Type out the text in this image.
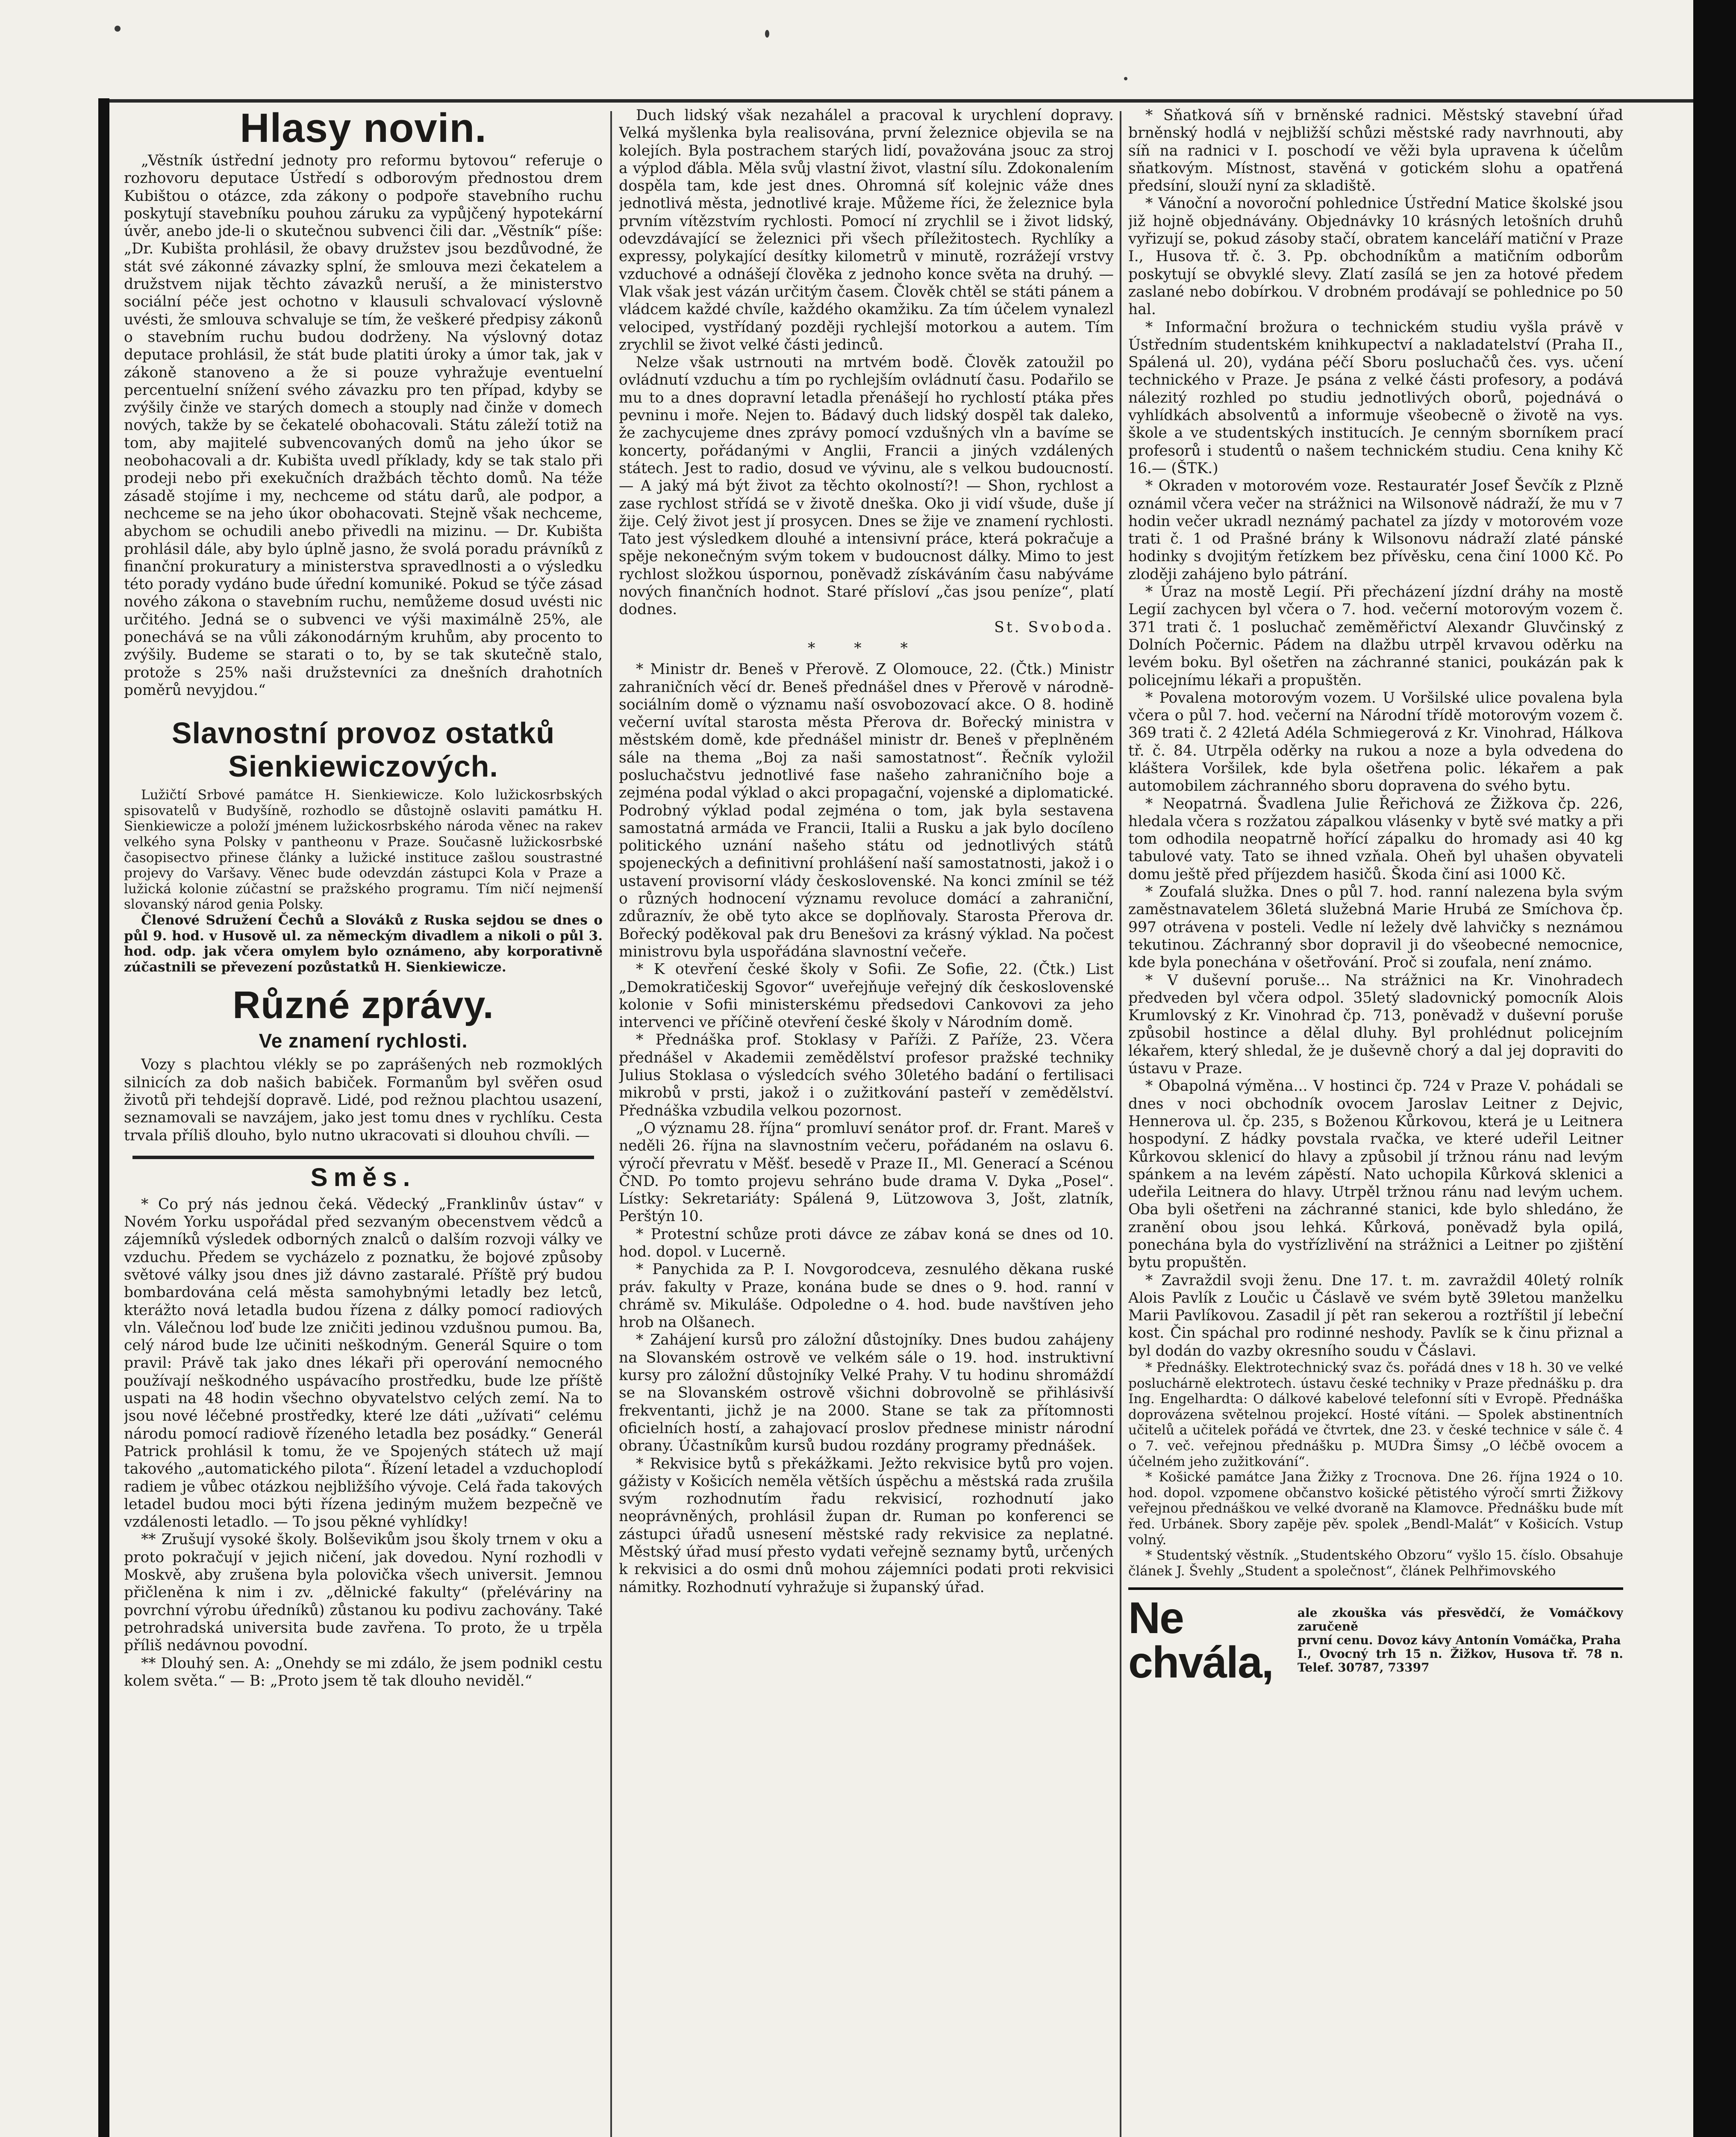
Hlasy novin.

„Věstník ústřední jednoty pro reformu bytovou“ referuje o rozhovoru deputace Ústředí s odborovým přednostou drem Kubištou o otázce, zda zákony o podpoře stavebního ruchu poskytují stavebníku pouhou záruku za vypůjčený hypotekární úvěr, anebo jde-li o skutečnou subvenci čili dar. „Věstník“ píše: „Dr. Kubišta prohlásil, že obavy družstev jsou bezdůvodné, že stát své zákonné závazky splní, že smlouva mezi čekatelem a družstvem nijak těchto závazků neruší, a že ministerstvo sociální péče jest ochotno v klausuli schvalovací výslovně uvésti, že smlouva schvaluje se tím, že veškeré předpisy zákonů o stavebním ruchu budou dodrženy. Na výslovný dotaz deputace prohlásil, že stát bude platiti úroky a úmor tak, jak v zákoně stanoveno a že si pouze vyhražuje eventuelní percentuelní snížení svého závazku pro ten případ, kdyby se zvýšily činže ve starých domech a stouply nad činže v domech nových, takže by se čekatelé obohacovali. Státu záleží totiž na tom, aby majitelé subvencovaných domů na jeho úkor se neobohacovali a dr. Kubišta uvedl příklady, kdy se tak stalo při prodeji nebo při exekučních dražbách těchto domů. Na téže zásadě stojíme i my, nechceme od státu darů, ale podpor, a nechceme se na jeho úkor obohacovati. Stejně však nechceme, abychom se ochudili anebo přivedli na mizinu. — Dr. Kubišta prohlásil dále, aby bylo úplně jasno, že svolá poradu právníků z finanční prokuratury a ministerstva spravedlnosti a o výsledku této porady vydáno bude úřední komuniké. Pokud se týče zásad nového zákona o stavebním ruchu, nemůžeme dosud uvésti nic určitého. Jedná se o subvenci ve výši maximálně 25%, ale ponechává se na vůli zákonodárným kruhům, aby procento to zvýšily. Budeme se starati o to, by se tak skutečně stalo, protože s 25% naši družstevníci za dnešních drahotních poměrů nevyjdou.“

Slavnostní provoz ostatků Sienkiewiczových.

Lužičtí Srbové památce H. Sienkiewicze. Kolo lužickosrbských spisovatelů v Budyšíně, rozhodlo se důstojně oslaviti památku H. Sienkiewicze a položí jménem lužickosrbského národa věnec na rakev velkého syna Polsky v pantheonu v Praze. Současně lužickosrbské časopisectvo přinese články a lužické instituce zašlou soustrastné projevy do Varšavy. Věnec bude odevzdán zástupci Kola v Praze a lužická kolonie zúčastní se pražského programu. Tím ničí nejmenší slovanský národ genia Polsky.

Členové Sdružení Čechů a Slováků z Ruska sejdou se dnes o půl 9. hod. v Husově ul. za německým divadlem a nikoli o půl 3. hod. odp. jak včera omylem bylo oznámeno, aby korporativně zúčastnili se převezení pozůstatků H. Sienkiewicze.

Různé zprávy.
Ve znamení rychlosti.

Vozy s plachtou vlékly se po zaprášených neb rozmoklých silnicích za dob našich babiček. Formanům byl svěřen osud životů při tehdejší dopravě. Lidé, pod režnou plachtou usazení, seznamovali se navzájem, jako jest tomu dnes v rychlíku. Cesta trvala příliš dlouho, bylo nutno ukracovati si dlouhou chvíli. —

Směs.

* Co prý nás jednou čeká. Vědecký „Franklinův ústav“ v Novém Yorku uspořádal před sezvaným obecenstvem vědců a zájemníků výsledek odborných znalců o dalším rozvoji války ve vzduchu. Předem se vycházelo z poznatku, že bojové způsoby světové války jsou dnes již dávno zastaralé. Příště prý budou bombardována celá města samohybnými letadly bez letců, kterážto nová letadla budou řízena z dálky pomocí radiových vln. Válečnou loď bude lze zničiti jedinou vzdušnou pumou. Ba, celý národ bude lze učiniti neškodným. Generál Squire o tom pravil: Právě tak jako dnes lékaři při operování nemocného používají neškodného uspávacího prostředku, bude lze příště uspati na 48 hodin všechno obyvatelstvo celých zemí. Na to jsou nové léčebné prostředky, které lze dáti „užívati“ celému národu pomocí radiově řízeného letadla bez posádky.“ Generál Patrick prohlásil k tomu, že ve Spojených státech už mají takového „automatického pilota“. Řízení letadel a vzduchoplodí radiem je vůbec otázkou nejbližšího vývoje. Celá řada takových letadel budou moci býti řízena jediným mužem bezpečně ve vzdálenosti letadlo. — To jsou pěkné vyhlídky!

** Zrušují vysoké školy. Bolševikům jsou školy trnem v oku a proto pokračují v jejich ničení, jak dovedou. Nyní rozhodli v Moskvě, aby zrušena byla polovička všech universit. Jemnou přičleněna k nim i zv. „dělnické fakulty“ (přeléváriny na povrchní výrobu úředníků) zůstanou ku podivu zachovány. Také petrohradská universita bude zavřena. To proto, že u trpěla příliš nedávnou povodní.

** Dlouhý sen. A: „Onehdy se mi zdálo, že jsem podnikl cestu kolem světa.“ — B: „Proto jsem tě tak dlouho neviděl.“

Duch lidský však nezahálel a pracoval k urychlení dopravy. Velká myšlenka byla realisována, první železnice objevila se na kolejích. Byla postrachem starých lidí, považována jsouc za stroj a výplod ďábla. Měla svůj vlastní život, vlastní sílu. Zdokonalením dospěla tam, kde jest dnes. Ohromná síť kolejnic váže dnes jednotlivá města, jednotlivé kraje. Můžeme říci, že železnice byla prvním vítězstvím rychlosti. Pomocí ní zrychlil se i život lidský, odevzdávající se železnici při všech příležitostech. Rychlíky a expressy, polykající desítky kilometrů v minutě, rozrážejí vrstvy vzduchové a odnášejí člověka z jednoho konce světa na druhý. — Vlak však jest vázán určitým časem. Člověk chtěl se státi pánem a vládcem každé chvíle, každého okamžiku. Za tím účelem vynalezl velociped, vystřídaný později rychlejší motorkou a autem. Tím zrychlil se život velké části jedinců.

Nelze však ustrnouti na mrtvém bodě. Člověk zatoužil po ovládnutí vzduchu a tím po rychlejším ovládnutí času. Podařilo se mu to a dnes dopravní letadla přenášejí ho rychlostí ptáka přes pevninu i moře. Nejen to. Bádavý duch lidský dospěl tak daleko, že zachycujeme dnes zprávy pomocí vzdušných vln a bavíme se koncerty, pořádanými v Anglii, Francii a jiných vzdálených státech. Jest to radio, dosud ve vývinu, ale s velkou budoucností. — A jaký má být život za těchto okolností?! — Shon, rychlost a zase rychlost střídá se v životě dneška. Oko ji vidí všude, duše jí žije. Celý život jest jí prosycen. Dnes se žije ve znamení rychlosti. Tato jest výsledkem dlouhé a intensivní práce, která pokračuje a spěje nekonečným svým tokem v budoucnost dálky. Mimo to jest rychlost složkou úspornou, poněvadž získáváním času nabýváme nových finančních hodnot. Staré přísloví „čas jsou peníze“, platí dodnes.

St. Svoboda.
* * *

* Ministr dr. Beneš v Přerově. Z Olomouce, 22. (Čtk.) Ministr zahraničních věcí dr. Beneš přednášel dnes v Přerově v národně-sociálním domě o významu naší osvobozovací akce. O 8. hodině večerní uvítal starosta města Přerova dr. Bořecký ministra v městském domě, kde přednášel ministr dr. Beneš v přeplněném sále na thema „Boj za naši samostatnost“. Řečník vyložil posluchačstvu jednotlivé fase našeho zahraničního boje a zejména podal výklad o akci propagační, vojenské a diplomatické. Podrobný výklad podal zejména o tom, jak byla sestavena samostatná armáda ve Francii, Italii a Rusku a jak bylo docíleno politického uznání našeho státu od jednotlivých států spojeneckých a definitivní prohlášení naší samostatnosti, jakož i o ustavení provisorní vlády československé. Na konci zmínil se též o různých hodnocení významu revoluce domácí a zahraniční, zdůraznív, že obě tyto akce se doplňovaly. Starosta Přerova dr. Bořecký poděkoval pak dru Benešovi za krásný výklad. Na počest ministrovu byla uspořádána slavnostní večeře.

* K otevření české školy v Sofii. Ze Sofie, 22. (Čtk.) List „Demokratičeskij Sgovor“ uveřejňuje veřejný dík československé kolonie v Sofii ministerskému předsedovi Cankovovi za jeho intervenci ve příčině otevření české školy v Národním domě.

* Přednáška prof. Stoklasy v Paříži. Z Paříže, 23. Včera přednášel v Akademii zemědělství profesor pražské techniky Julius Stoklasa o výsledcích svého 30letého badání o fertilisaci mikrobů v prsti, jakož i o zužitkování pasteří v zemědělství. Přednáška vzbudila velkou pozornost.

„O významu 28. října“ promluví senátor prof. dr. Frant. Mareš v neděli 26. října na slavnostním večeru, pořádaném na oslavu 6. výročí převratu v Měšť. besedě v Praze II., Ml. Generací a Scénou ČND. Po tomto projevu sehráno bude drama V. Dyka „Posel“. Lístky: Sekretariáty: Spálená 9, Lützowova 3, Jošt, zlatník, Perštýn 10.

* Protestní schůze proti dávce ze zábav koná se dnes od 10. hod. dopol. v Lucerně.

* Panychida za P. I. Novgorodceva, zesnulého děkana ruské práv. fakulty v Praze, konána bude se dnes o 9. hod. ranní v chrámě sv. Mikuláše. Odpoledne o 4. hod. bude navštíven jeho hrob na Olšanech.

* Zahájení kursů pro záložní důstojníky. Dnes budou zahájeny na Slovanském ostrově ve velkém sále o 19. hod. instruktivní kursy pro záložní důstojníky Velké Prahy. V tu hodinu shromáždí se na Slovanském ostrově všichni dobrovolně se přihlásivší frekventanti, jichž je na 2000. Stane se tak za přítomnosti oficielních hostí, a zahajovací proslov přednese ministr národní obrany. Účastníkům kursů budou rozdány programy přednášek.

* Rekvisice bytů s překážkami. Ježto rekvisice bytů pro vojen. gážisty v Košicích neměla větších úspěchu a městská rada zrušila svým rozhodnutím řadu rekvisicí, rozhodnutí jako neoprávněných, prohlásil župan dr. Ruman po konferenci se zástupci úřadů usnesení městské rady rekvisice za neplatné. Městský úřad musí přesto vydati veřejně seznamy bytů, určených k rekvisici a do osmi dnů mohou zájemníci podati proti rekvisici námitky. Rozhodnutí vyhražuje si županský úřad.

* Sňatková síň v brněnské radnici. Městský stavební úřad brněnský hodlá v nejbližší schůzi městské rady navrhnouti, aby síň na radnici v I. poschodí ve věži byla upravena k účelům sňatkovým. Místnost, stavěná v gotickém slohu a opatřená předsíní, slouží nyní za skladiště.

* Vánoční a novoroční pohlednice Ústřední Matice školské jsou již hojně objednávány. Objednávky 10 krásných letošních druhů vyřizují se, pokud zásoby stačí, obratem kanceláří matiční v Praze I., Husova tř. č. 3. Pp. obchodníkům a matičním odborům poskytují se obvyklé slevy. Zlatí zasílá se jen za hotové předem zaslané nebo dobírkou. V drobném prodávají se pohlednice po 50 hal.

* Informační brožura o technickém studiu vyšla právě v Ústředním studentském knihkupectví a nakladatelství (Praha II., Spálená ul. 20), vydána péčí Sboru posluchačů čes. vys. učení technického v Praze. Je psána z velké části profesory, a podává nálezitý rozhled po studiu jednotlivých oborů, pojednává o vyhlídkách absolventů a informuje všeobecně o životě na vys. škole a ve studentských institucích. Je cenným sborníkem prací profesorů i studentů o našem technickém studiu. Cena knihy Kč 16.— (ŠTK.)

* Okraden v motorovém voze. Restauratér Josef Ševčík z Plzně oznámil včera večer na strážnici na Wilsonově nádraží, že mu v 7 hodin večer ukradl neznámý pachatel za jízdy v motorovém voze trati č. 1 od Prašné brány k Wilsonovu nádraží zlaté pánské hodinky s dvojitým řetízkem bez přívěsku, cena činí 1000 Kč. Po zloději zahájeno bylo pátrání.

* Úraz na mostě Legií. Při přecházení jízdní dráhy na mostě Legií zachycen byl včera o 7. hod. večerní motorovým vozem č. 371 trati č. 1 posluchač zeměměřictví Alexandr Gluvčinský z Dolních Počernic. Pádem na dlažbu utrpěl krvavou oděrku na levém boku. Byl ošetřen na záchranné stanici, poukázán pak k policejnímu lékaři a propuštěn.

* Povalena motorovým vozem. U Voršilské ulice povalena byla včera o půl 7. hod. večerní na Národní třídě motorovým vozem č. 369 trati č. 2 42letá Adéla Schmiegerová z Kr. Vinohrad, Hálkova tř. č. 84. Utrpěla oděrky na rukou a noze a byla odvedena do kláštera Voršilek, kde byla ošetřena polic. lékařem a pak automobilem záchranného sboru dopravena do svého bytu.

* Neopatrná. Švadlena Julie Řeřichová ze Žižkova čp. 226, hledala včera s rozžatou zápalkou vlásenky v bytě své matky a při tom odhodila neopatrně hořící zápalku do hromady asi 40 kg tabulové vaty. Tato se ihned vzňala. Oheň byl uhašen obyvateli domu ještě před příjezdem hasičů. Škoda činí asi 1000 Kč.

* Zoufalá služka. Dnes o půl 7. hod. ranní nalezena byla svým zaměstnavatelem 36letá služebná Marie Hrubá ze Smíchova čp. 997 otrávena v posteli. Vedle ní ležely dvě lahvičky s neznámou tekutinou. Záchranný sbor dopravil ji do všeobecné nemocnice, kde byla ponechána v ošetřování. Proč si zoufala, není známo.

* V duševní poruše... Na strážnici na Kr. Vinohradech předveden byl včera odpol. 35letý sladovnický pomocník Alois Krumlovský z Kr. Vinohrad čp. 713, poněvadž v duševní poruše způsobil hostince a dělal dluhy. Byl prohlédnut policejním lékařem, který shledal, že je duševně chorý a dal jej dopraviti do ústavu v Praze.

* Obapolná výměna... V hostinci čp. 724 v Praze V. pohádali se dnes v noci obchodník ovocem Jaroslav Leitner z Dejvic, Hennerova ul. čp. 235, s Boženou Kůrkovou, která je u Leitnera hospodyní. Z hádky povstala rvačka, ve které udeřil Leitner Kůrkovou sklenicí do hlavy a způsobil jí tržnou ránu nad levým spánkem a na levém zápěstí. Nato uchopila Kůrková sklenici a udeřila Leitnera do hlavy. Utrpěl tržnou ránu nad levým uchem. Oba byli ošetřeni na záchranné stanici, kde bylo shledáno, že zranění obou jsou lehká. Kůrková, poněvadž byla opilá, ponechána byla do vystřízlivění na strážnici a Leitner po zjištění bytu propuštěn.

* Zavraždil svoji ženu. Dne 17. t. m. zavraždil 40letý rolník Alois Pavlík z Loučic u Čáslavě ve svém bytě 39letou manželku Marii Pavlíkovou. Zasadil jí pět ran sekerou a roztříštil jí lebeční kost. Čin spáchal pro rodinné neshody. Pavlík se k činu přiznal a byl dodán do vazby okresního soudu v Čáslavi.

* Přednášky. Elektrotechnický svaz čs. pořádá dnes v 18 h. 30 ve velké posluchárně elektrotech. ústavu české techniky v Praze přednášku p. dra Ing. Engelhardta: O dálkové kabelové telefonní síti v Evropě. Přednáška doprovázena světelnou projekcí. Hosté vítáni. — Spolek abstinentních učitelů a učitelek pořádá ve čtvrtek, dne 23. v české technice v sále č. 4 o 7. več. veřejnou přednášku p. MUDra Šimsy „O léčbě ovocem a účelném jeho zužitkování“.

* Košické památce Jana Žižky z Trocnova. Dne 26. října 1924 o 10. hod. dopol. vzpomene občanstvo košické pětistého výročí smrti Žižkovy veřejnou přednáškou ve velké dvoraně na Klamovce. Přednášku bude mít řed. Urbánek. Sbory zapěje pěv. spolek „Bendl-Malát“ v Košicích. Vstup volný.

* Studentský věstník. „Studentského Obzoru“ vyšlo 15. číslo. Obsahuje článek J. Švehly „Student a společnost“, článek Pelhřimovského

Ne chvála,
ale zkouška vás přesvědčí, že Vomáčkovy zaručeně
první cenu. Dovoz kávy Antonín Vomáčka, Praha
I., Ovocný trh 15 n. Žižkov, Husova tř. 78 n. Telef. 30787, 73397
